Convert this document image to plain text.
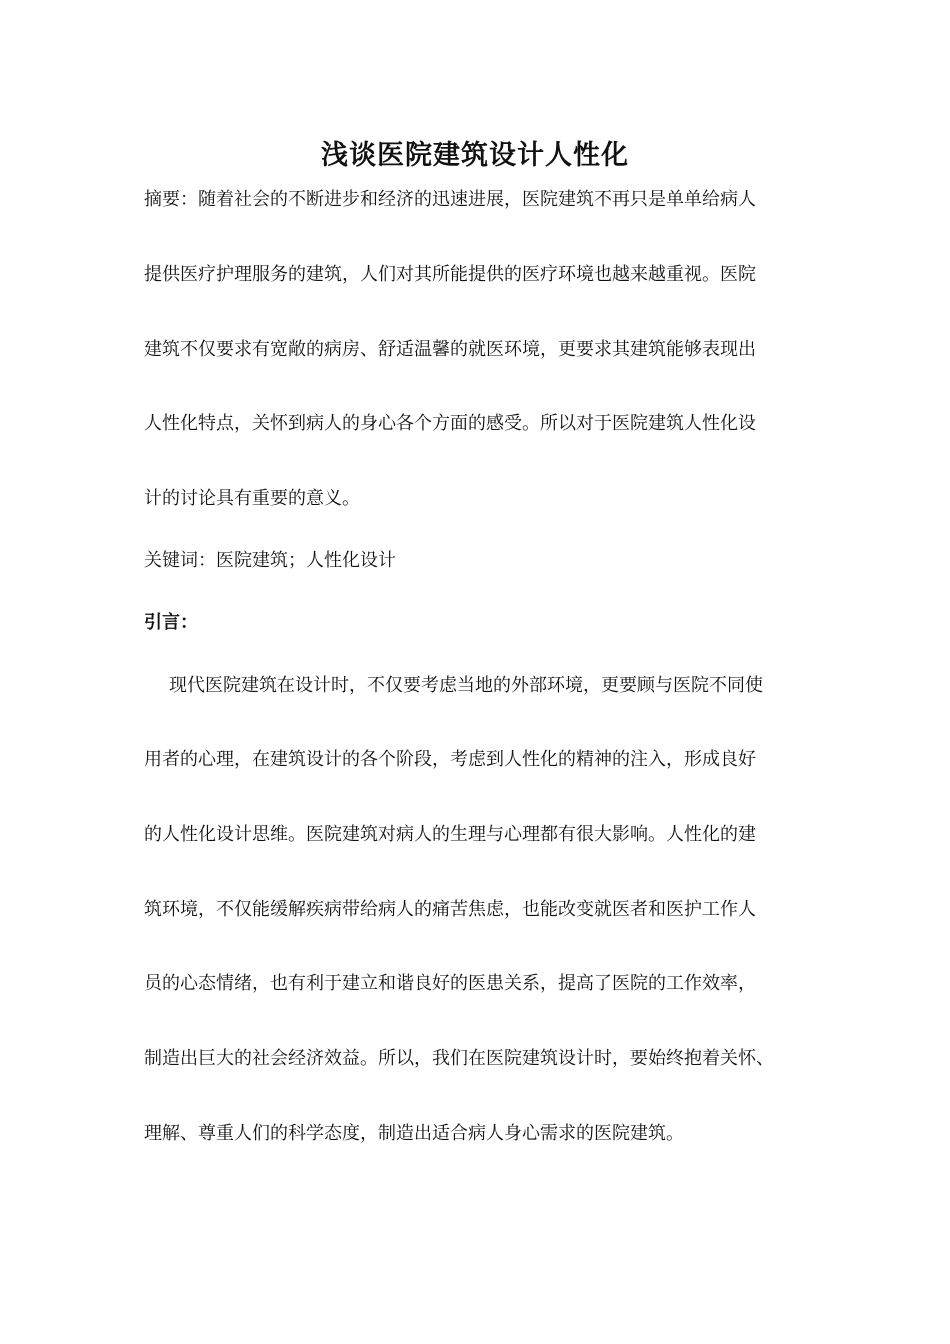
浅谈医院建筑设计人性化
摘要：随着社会的不断进步和经济的迅速进展，医院建筑不再只是单单给病人
提供医疗护理服务的建筑，人们对其所能提供的医疗环境也越来越重视。医院
建筑不仅要求有宽敞的病房、舒适温馨的就医环境，更要求其建筑能够表现出
人性化特点，关怀到病人的身心各个方面的感受。所以对于医院建筑人性化设
计的讨论具有重要的意义。
关键词：医院建筑；人性化设计
引言：
现代医院建筑在设计时，不仅要考虑当地的外部环境，更要顾与医院不同使
用者的心理，在建筑设计的各个阶段，考虑到人性化的精神的注入，形成良好
的人性化设计思维。医院建筑对病人的生理与心理都有很大影响。人性化的建
筑环境，不仅能缓解疾病带给病人的痛苦焦虑，也能改变就医者和医护工作人
员的心态情绪，也有利于建立和谐良好的医患关系，提高了医院的工作效率，
制造出巨大的社会经济效益。所以，我们在医院建筑设计时，要始终抱着关怀、
理解、尊重人们的科学态度，制造出适合病人身心需求的医院建筑。
